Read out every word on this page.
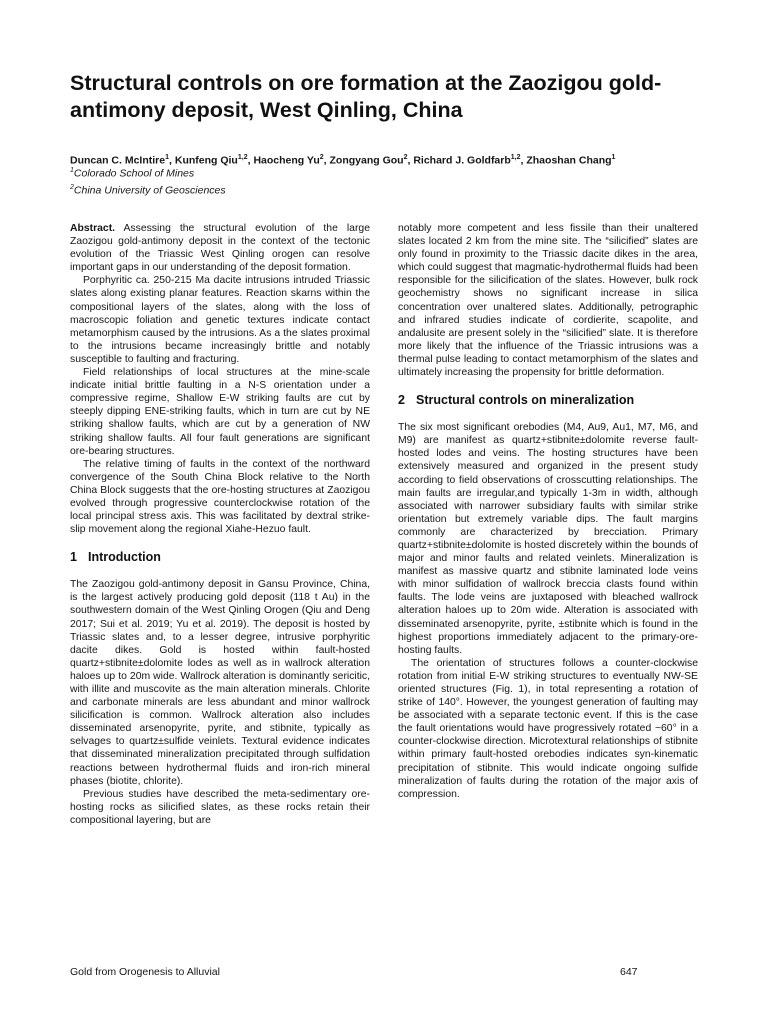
Structural controls on ore formation at the Zaozigou gold-antimony deposit, West Qinling, China
Duncan C. McIntire$^1$, Kunfeng Qiu$^{1,2}$, Haocheng Yu$^2$, Zongyang Gou$^2$, Richard J. Goldfarb$^{1,2}$, Zhaoshan Chang$^1$

$^1$Colorado School of Mines

$^2$China University of Geosciences

Abstract. Assessing the structural evolution of the large Zaozigou gold-antimony deposit in the context of the tectonic evolution of the Triassic West Qinling orogen can resolve important gaps in our understanding of the deposit formation.

Porphyritic ca. 250-215 Ma dacite intrusions intruded Triassic slates along existing planar features. Reaction skarns within the compositional layers of the slates, along with the loss of macroscopic foliation and genetic textures indicate contact metamorphism caused by the intrusions. As a the slates proximal to the intrusions became increasingly brittle and notably susceptible to faulting and fracturing.

Field relationships of local structures at the mine-scale indicate initial brittle faulting in a N-S orientation under a compressive regime, Shallow E-W striking faults are cut by steeply dipping ENE-striking faults, which in turn are cut by NE striking shallow faults, which are cut by a generation of NW striking shallow faults. All four fault generations are significant ore-bearing structures.

The relative timing of faults in the context of the northward convergence of the South China Block relative to the North China Block suggests that the ore-hosting structures at Zaozigou evolved through progressive counterclockwise rotation of the local principal stress axis. This was facilitated by dextral strike-slip movement along the regional Xiahe-Hezuo fault.

1 Introduction

The Zaozigou gold-antimony deposit in Gansu Province, China, is the largest actively producing gold deposit (118 t Au) in the southwestern domain of the West Qinling Orogen (Qiu and Deng 2017; Sui et al. 2019; Yu et al. 2019). The deposit is hosted by Triassic slates and, to a lesser degree, intrusive porphyritic dacite dikes. Gold is hosted within fault-hosted quartz+stibnite±dolomite lodes as well as in wallrock alteration haloes up to 20m wide. Wallrock alteration is dominantly sericitic, with illite and muscovite as the main alteration minerals. Chlorite and carbonate minerals are less abundant and minor wallrock silicification is common. Wallrock alteration also includes disseminated arsenopyrite, pyrite, and stibnite, typically as selvages to quartz±sulfide veinlets. Textural evidence indicates that disseminated mineralization precipitated through sulfidation reactions between hydrothermal fluids and iron-rich mineral phases (biotite, chlorite).

Previous studies have described the meta-sedimentary ore-hosting rocks as silicified slates, as these rocks retain their compositional layering, but are

notably more competent and less fissile than their unaltered slates located 2 km from the mine site. The “silicified” slates are only found in proximity to the Triassic dacite dikes in the area, which could suggest that magmatic-hydrothermal fluids had been responsible for the silicification of the slates. However, bulk rock geochemistry shows no significant increase in silica concentration over unaltered slates. Additionally, petrographic and infrared studies indicate of cordierite, scapolite, and andalusite are present solely in the “silicified” slate. It is therefore more likely that the influence of the Triassic intrusions was a thermal pulse leading to contact metamorphism of the slates and ultimately increasing the propensity for brittle deformation.

2 Structural controls on mineralization

The six most significant orebodies (M4, Au9, Au1, M7, M6, and M9) are manifest as quartz+stibnite±dolomite reverse fault-hosted lodes and veins. The hosting structures have been extensively measured and organized in the present study according to field observations of crosscutting relationships. The main faults are irregular,and typically 1-3m in width, although associated with narrower subsidiary faults with similar strike orientation but extremely variable dips. The fault margins commonly are characterized by brecciation. Primary quartz+stibnite±dolomite is hosted discretely within the bounds of major and minor faults and related veinlets. Mineralization is manifest as massive quartz and stibnite laminated lode veins with minor sulfidation of wallrock breccia clasts found within faults. The lode veins are juxtaposed with bleached wallrock alteration haloes up to 20m wide. Alteration is associated with disseminated arsenopyrite, pyrite, ±stibnite which is found in the highest proportions immediately adjacent to the primary-ore-hosting faults.

The orientation of structures follows a counter-clockwise rotation from initial E-W striking structures to eventually NW-SE oriented structures (Fig. 1), in total representing a rotation of strike of 140°. However, the youngest generation of faulting may be associated with a separate tectonic event. If this is the case the fault orientations would have progressively rotated ~60° in a counter-clockwise direction. Microtextural relationships of stibnite within primary fault-hosted orebodies indicates syn-kinematic precipitation of stibnite. This would indicate ongoing sulfide mineralization of faults during the rotation of the major axis of compression.

Gold from Orogenesis to Alluvial	647
